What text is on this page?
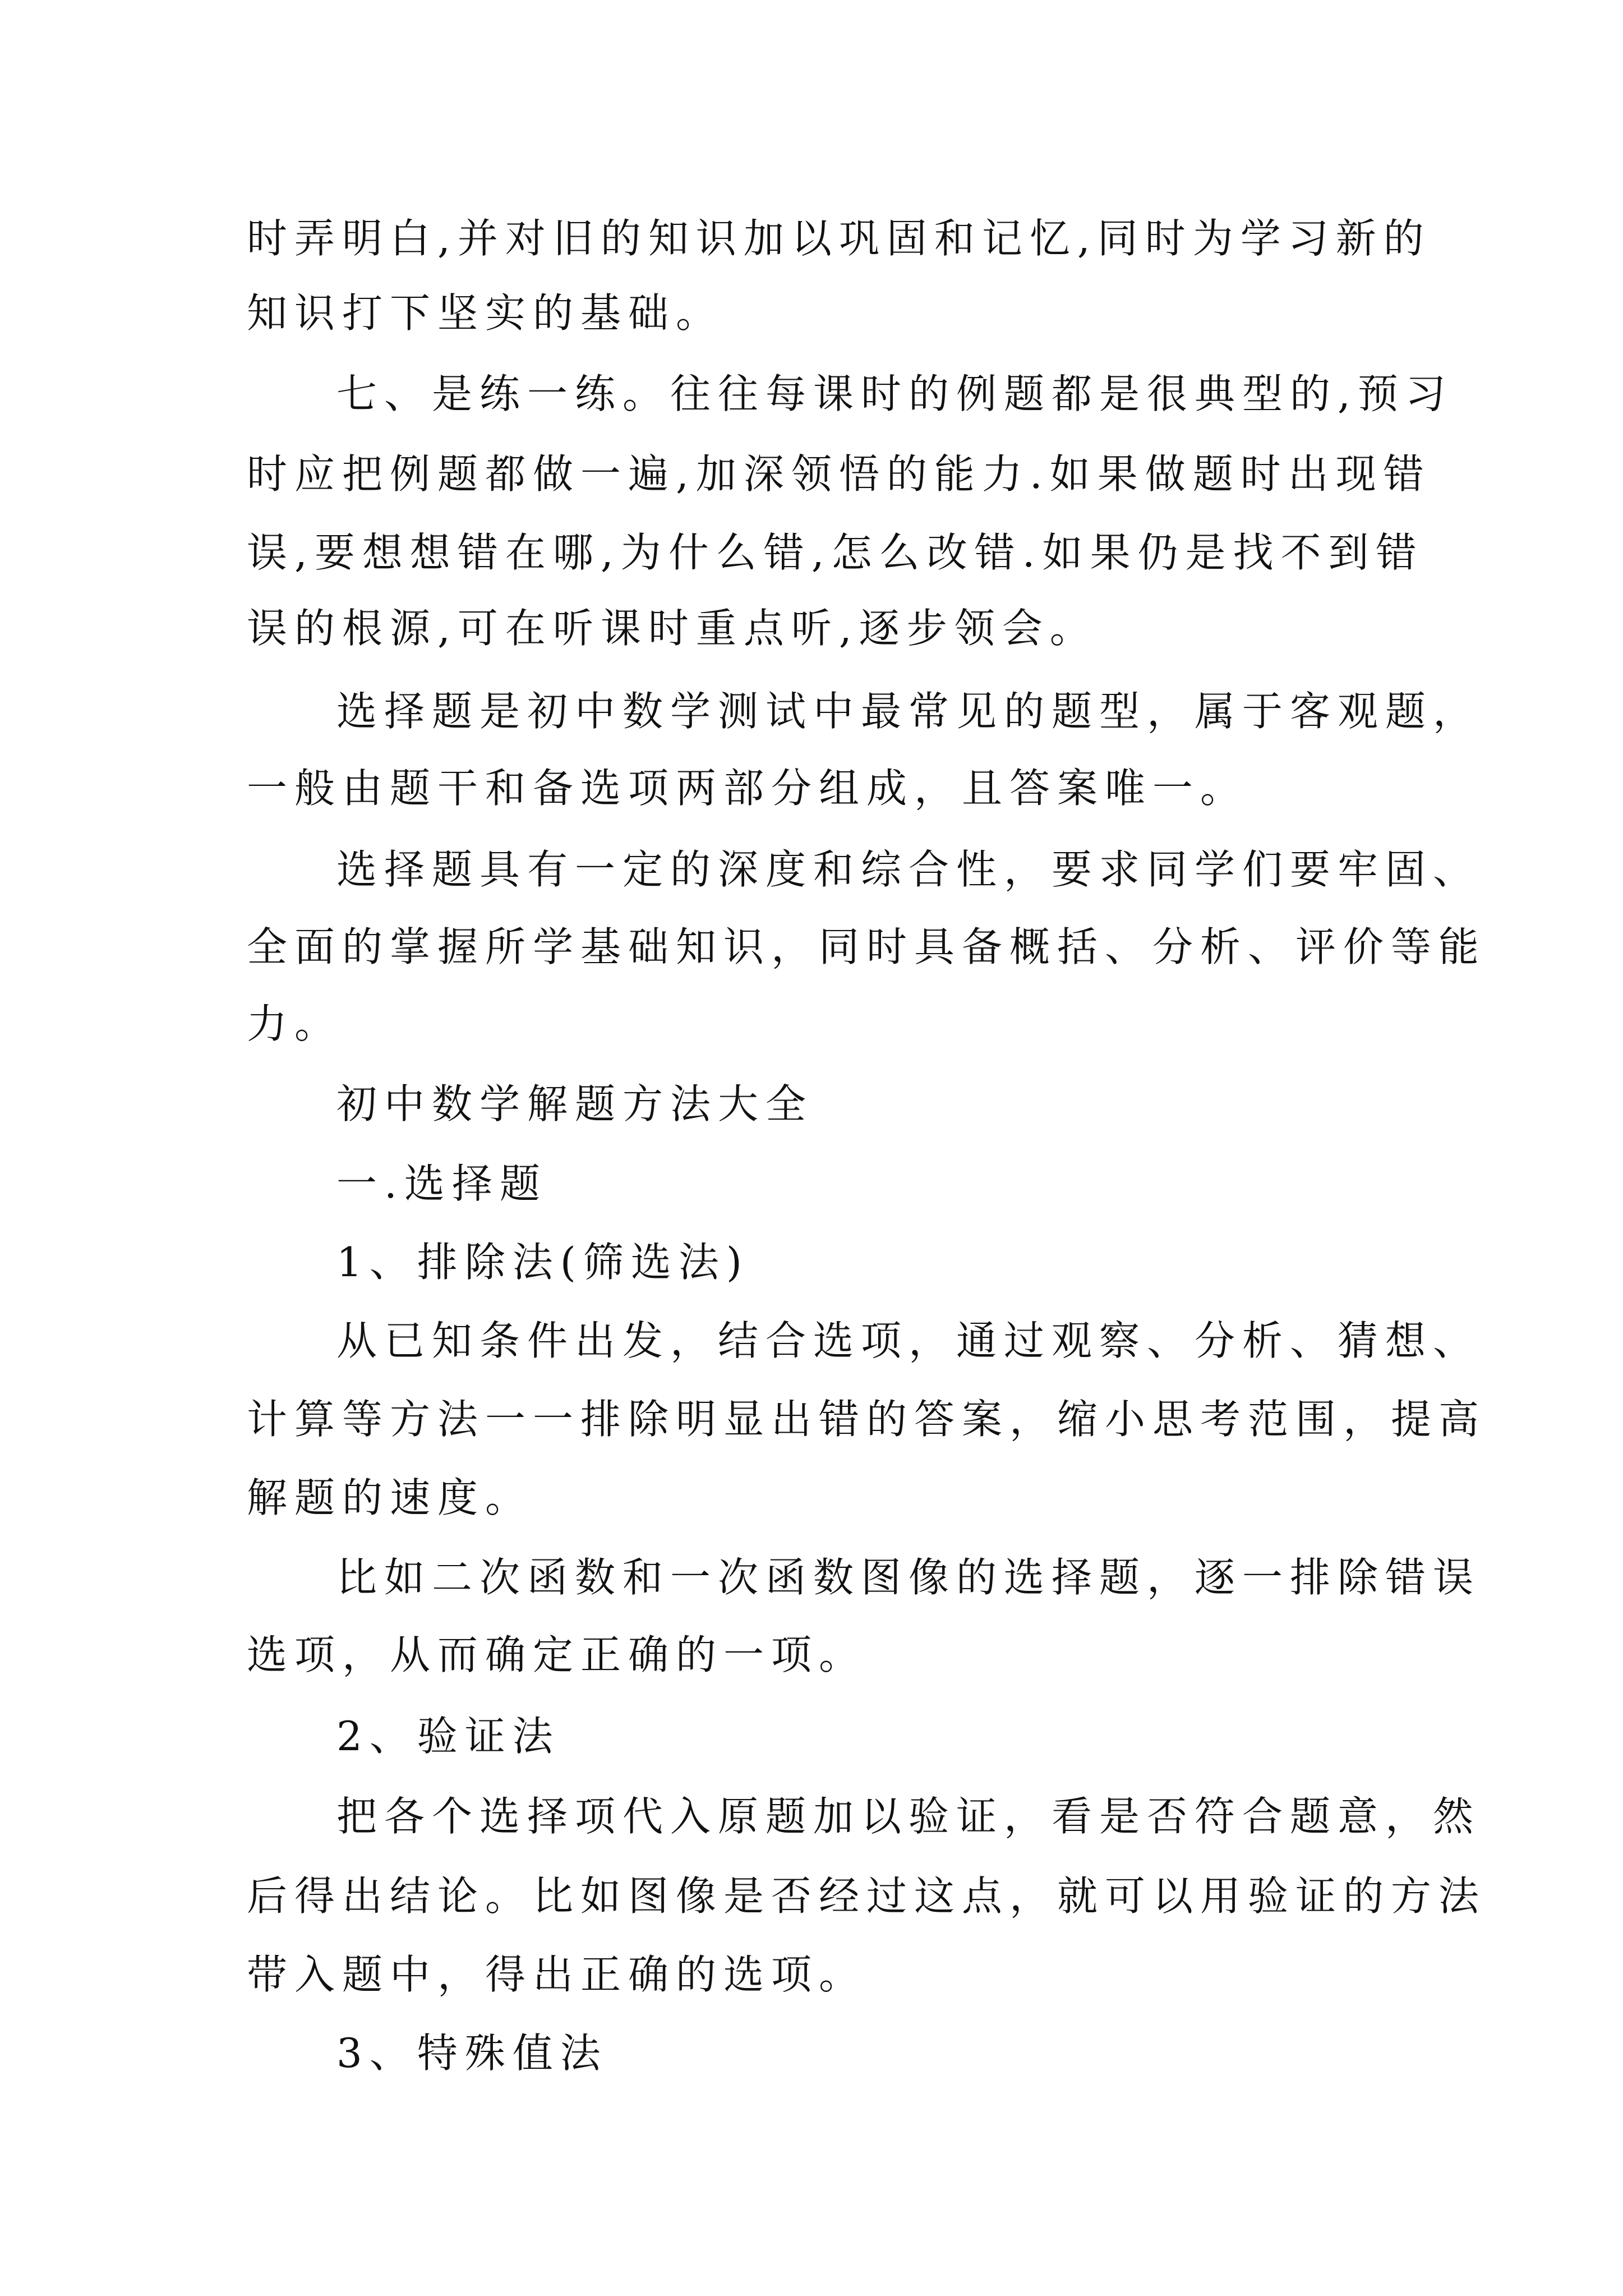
时弄明白,并对旧的知识加以巩固和记忆,同时为学习新的

知识打下坚实的基础。

七、是练一练。往往每课时的例题都是很典型的,预习

时应把例题都做一遍,加深领悟的能力.如果做题时出现错

误,要想想错在哪,为什么错,怎么改错.如果仍是找不到错

误的根源,可在听课时重点听,逐步领会。

选择题是初中数学测试中最常见的题型，属于客观题，

一般由题干和备选项两部分组成，且答案唯一。

选择题具有一定的深度和综合性，要求同学们要牢固、

全面的掌握所学基础知识，同时具备概括、分析、评价等能

力。

初中数学解题方法大全

一.选择题

1、排除法(筛选法)

从已知条件出发，结合选项，通过观察、分析、猜想、

计算等方法一一排除明显出错的答案，缩小思考范围，提高

解题的速度。

比如二次函数和一次函数图像的选择题，逐一排除错误

选项，从而确定正确的一项。

2、验证法

把各个选择项代入原题加以验证，看是否符合题意，然

后得出结论。比如图像是否经过这点，就可以用验证的方法

带入题中，得出正确的选项。

3、特殊值法
